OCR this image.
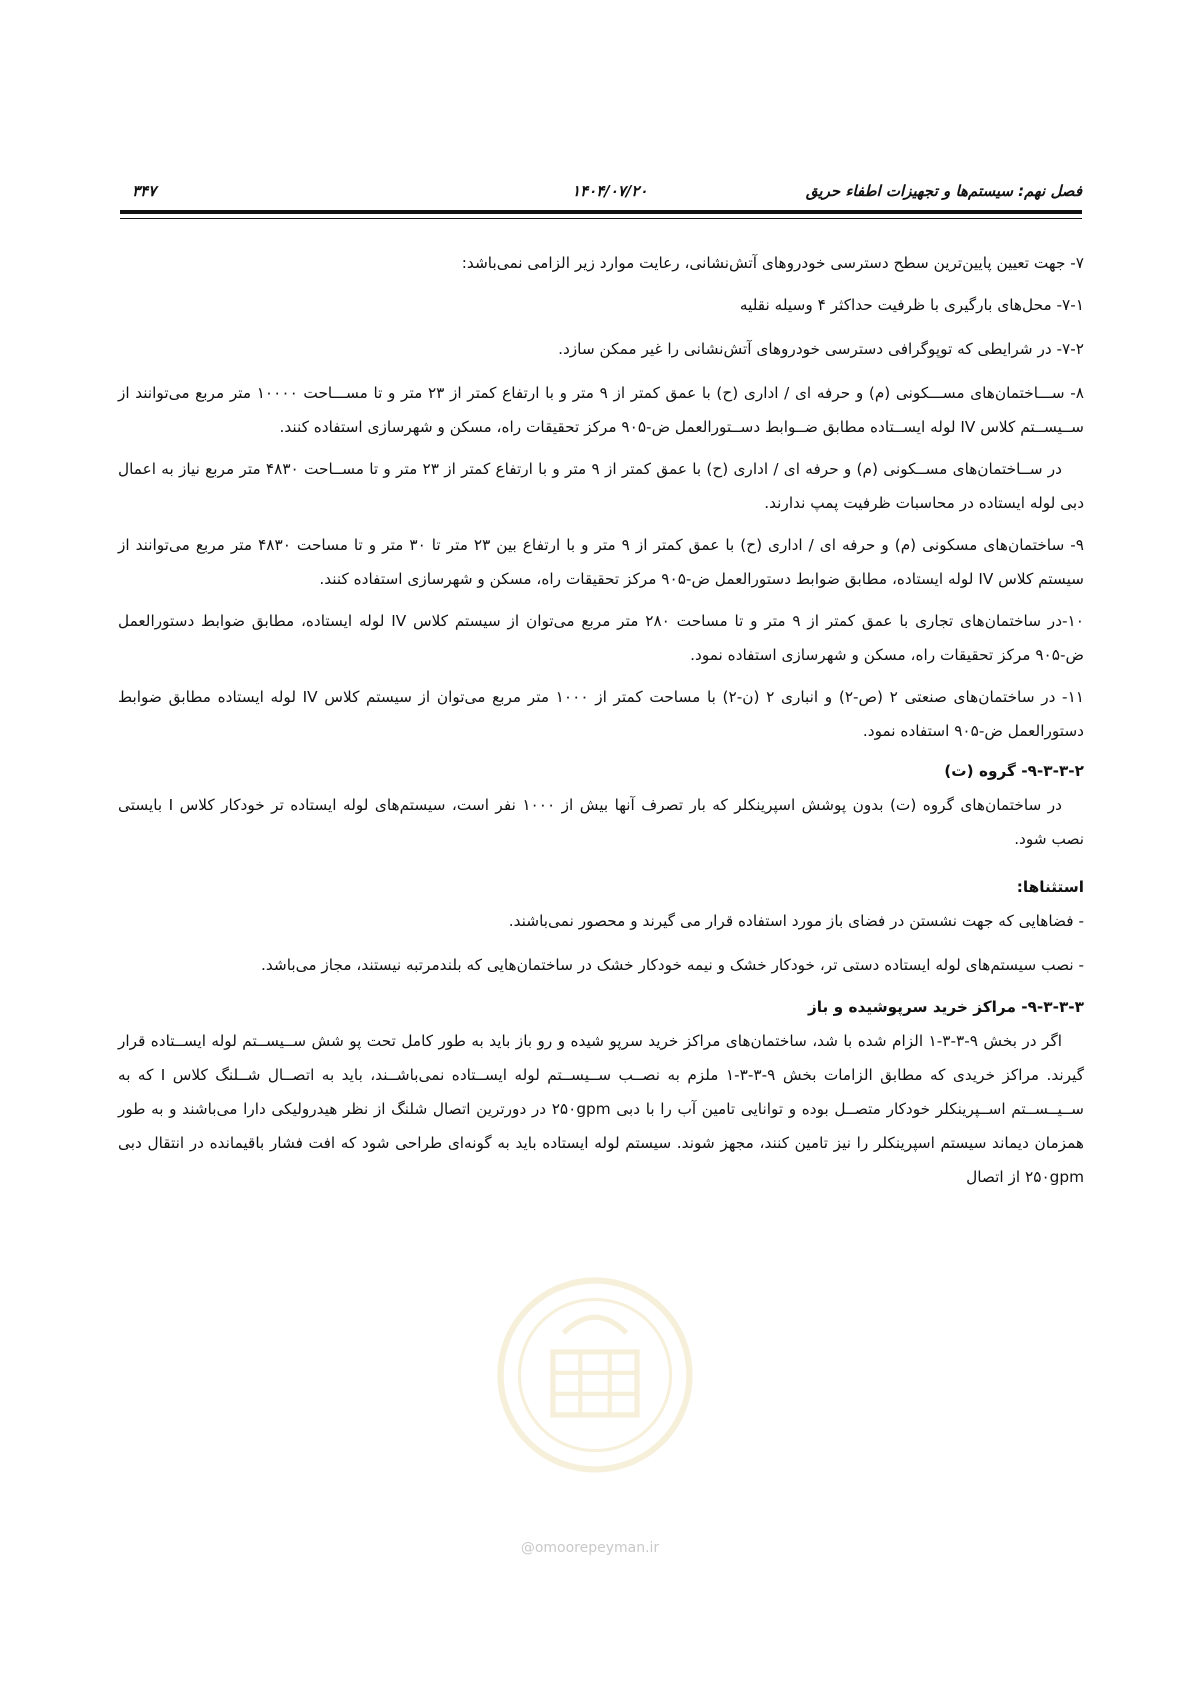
فصل نهم: سیستم‌ها و تجهیزات اطفاء حریق
۱۴۰۴/۰۷/۲۰
۳۴۷

۷- جهت تعیین پایین‌ترین سطح دسترسی خودروهای آتش‌نشانی، رعایت موارد زیر الزامی نمی‌باشد:

۷-۱- محل‌های بارگیری با ظرفیت حداکثر ۴ وسیله نقلیه

۷-۲- در شرایطی که توپوگرافی دسترسی خودروهای آتش‌نشانی را غیر ممکن سازد.

۸- ســـاختمان‌های مســـکونی (م) و حرفه ای / اداری (ح) با عمق کمتر از ۹ متر و با ارتفاع کمتر از ۲۳ متر و تا مســـاحت ۱۰۰۰۰ متر مربع می‌توانند از ســیســتم کلاس IV لوله ایســتاده مطابق ضــوابط دســتورالعمل ض-۹۰۵ مرکز تحقیقات راه، مسکن و شهرسازی استفاده کنند.

در ســاختمان‌های مســکونی (م) و حرفه ای / اداری (ح) با عمق کمتر از ۹ متر و با ارتفاع کمتر از ۲۳ متر و تا مســاحت ۴۸۳۰ متر مربع نیاز به اعمال دبی لوله ایستاده در محاسبات ظرفیت پمپ ندارند.

۹- ساختمان‌های مسکونی (م) و حرفه ای / اداری (ح) با عمق کمتر از ۹ متر و با ارتفاع بین ۲۳ متر تا ۳۰ متر و تا مساحت ۴۸۳۰ متر مربع می‌توانند از سیستم کلاس IV لوله ایستاده، مطابق ضوابط دستورالعمل ض-۹۰۵ مرکز تحقیقات راه، مسکن و شهرسازی استفاده کنند.

۱۰-در ساختمان‌های تجاری با عمق کمتر از ۹ متر و تا مساحت ۲۸۰ متر مربع می‌توان از سیستم کلاس IV لوله ایستاده، مطابق ضوابط دستورالعمل ض-۹۰۵ مرکز تحقیقات راه، مسکن و شهرسازی استفاده نمود.

۱۱- در ساختمان‌های صنعتی ۲ (ص-۲) و انباری ۲ (ن-۲) با مساحت کمتر از ۱۰۰۰ متر مربع می‌توان از سیستم کلاس IV لوله ایستاده مطابق ضوابط دستورالعمل ض-۹۰۵ استفاده نمود.

۹-۳-۳-۲- گروه (ت)

در ساختمان‌های گروه (ت) بدون پوشش اسپرینکلر که بار تصرف آنها بیش از ۱۰۰۰ نفر است، سیستم‌های لوله ایستاده تر خودکار کلاس I بایستی نصب شود.

استثناها:

- فضاهایی که جهت نشستن در فضای باز مورد استفاده قرار می گیرند و محصور نمی‌باشند.

- نصب سیستم‌های لوله ایستاده دستی تر، خودکار خشک و نیمه خودکار خشک در ساختمان‌هایی که بلندمرتبه نیستند، مجاز می‌باشد.

۹-۳-۳-۳- مراکز خرید سرپوشیده و باز

اگر در بخش ۹-۳-۳-۱ الزام شده با شد، ساختمان‌های مراکز خرید سرپو شیده و رو باز باید به طور کامل تحت پو شش ســیســتم لوله ایســتاده قرار گیرند. مراکز خریدی که مطابق الزامات بخش ۹-۳-۳-۱ ملزم به نصــب ســیســتم لوله ایســتاده نمی‌باشــند، باید به اتصــال شــلنگ کلاس I که به ســیــســتم اســپرینکلر خودکار متصــل بوده و توانایی تامین آب را با دبی ۲۵۰gpm در دورترین اتصال شلنگ از نظر هیدرولیکی دارا می‌باشند و به طور همزمان دیماند سیستم اسپرینکلر را نیز تامین کنند، مجهز شوند. سیستم لوله ایستاده باید به گونه‌ای طراحی شود که افت فشار باقیمانده در انتقال دبی ۲۵۰gpm از اتصال

@omoorepeyman.ir
